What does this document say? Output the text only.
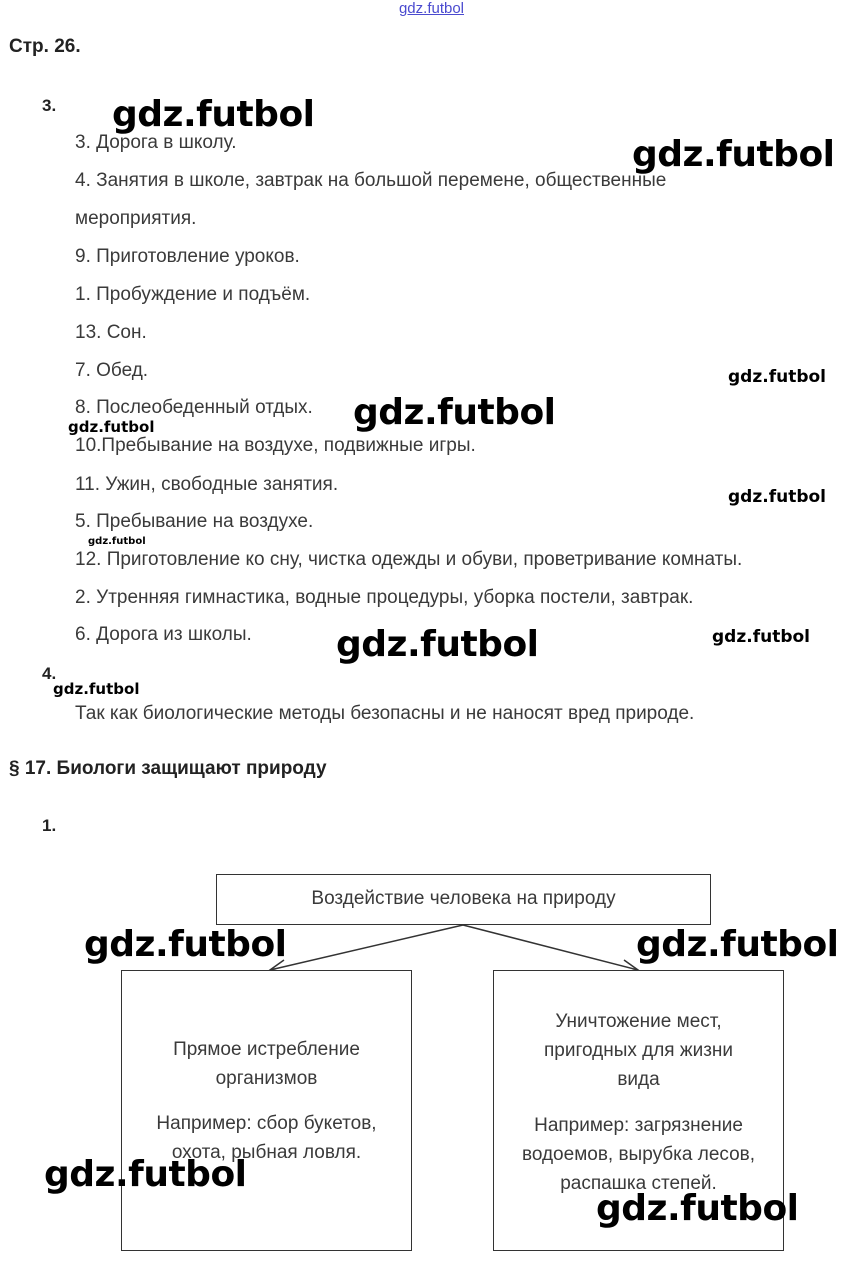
gdz.futbol
Стр. 26.
3.
3. Дорога в школу.
4. Занятия в школе, завтрак на большой перемене, общественные
мероприятия.
9. Приготовление уроков.
1. Пробуждение и подъём.
13. Сон.
7. Обед.
8. Послеобеденный отдых.
10.Пребывание на воздухе, подвижные игры.
11. Ужин, свободные занятия.
5. Пребывание на воздухе.
12. Приготовление ко сну, чистка одежды и обуви, проветривание комнаты.
2. Утренняя гимнастика, водные процедуры, уборка постели, завтрак.
6. Дорога из школы.
4.
Так как биологические методы безопасны и не наносят вред природе.
§ 17. Биологи защищают природу
1.
Воздействие человека на природу
Прямое истребление организмов
Например: сбор букетов, охота, рыбная ловля.
Уничтожение мест, пригодных для жизни вида
Например: загрязнение водоемов, вырубка лесов, распашка степей.
gdz.futbol
gdz.futbol
gdz.futbol
gdz.futbol
gdz.futbol
gdz.futbol
gdz.futbol
gdz.futbol
gdz.futbol
gdz.futbol
gdz.futbol	gdz.futbol
gdz.futbol
gdz.futbol
